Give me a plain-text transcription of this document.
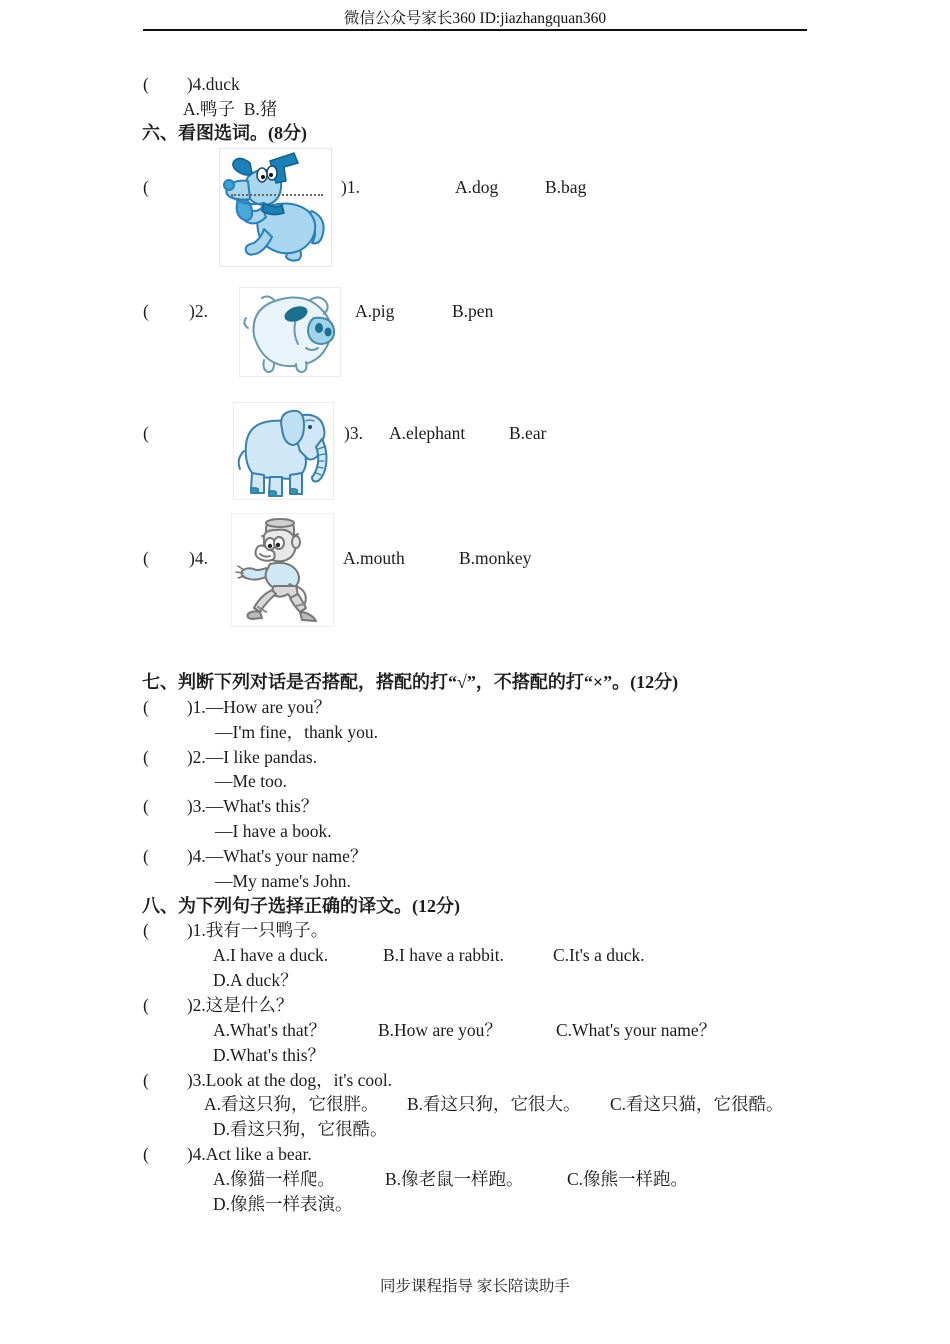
微信公众号家长360 ID:jiazhangquan360
( )4.duck
A.鸭子  B.猪
六、看图选词。(8分)
(	)1.	A.dog	B.bag
( )2.	A.pig	B.pen
(	)3. A.elephant B.ear
( )4.	A.mouth	B.monkey
七、判断下列对话是否搭配，搭配的打“√”，不搭配的打“×”。(12分)
( )1.—How are you？
—I'm fine，thank you.
( )2.—I like pandas.
—Me too.
( )3.—What's this？
—I have a book.
( )4.—What's your name？
—My name's John.
八、为下列句子选择正确的译文。(12分)
( )1.我有一只鸭子。
A.I have a duck.	B.I have a rabbit.	C.It's a duck.
D.A duck？
( )2.这是什么？
A.What's that？	B.How are you？	C.What's your name？
D.What's this？
( )3.Look at the dog，it's cool.
A.看这只狗，它很胖。 B.看这只狗，它很大。 C.看这只猫，它很酷。
D.看这只狗，它很酷。
( )4.Act like a bear.
A.像猫一样爬。	B.像老鼠一样跑。 C.像熊一样跑。
D.像熊一样表演。
同步课程指导 家长陪读助手
